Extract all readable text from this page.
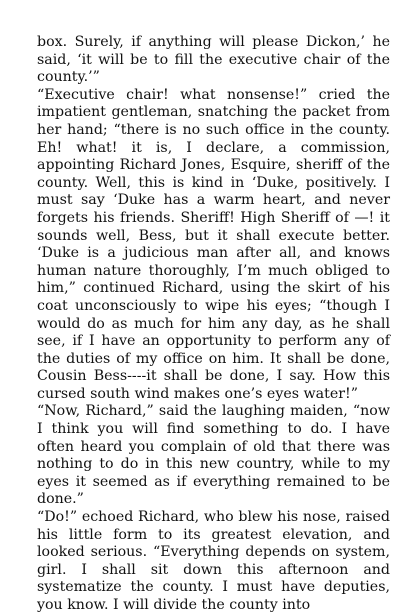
box. Surely, if anything will please Dickon,’ he said, ‘it will be to fill the executive chair of the county.’”

“Executive chair! what nonsense!” cried the impatient gentleman, snatching the packet from her hand; “there is no such office in the county. Eh! what! it is, I declare, a commission, appointing Richard Jones, Esquire, sheriff of the county. Well, this is kind in ‘Duke, positively. I must say ‘Duke has a warm heart, and never forgets his friends. Sheriff! High Sheriff of —! it sounds well, Bess, but it shall execute better. ‘Duke is a judicious man after all, and knows human nature thoroughly, I’m much obliged to him,” continued Richard, using the skirt of his coat unconsciously to wipe his eyes; “though I would do as much for him any day, as he shall see, if I have an opportunity to perform any of the duties of my office on him. It shall be done, Cousin Bess----it shall be done, I say. How this cursed south wind makes one’s eyes water!”

“Now, Richard,” said the laughing maiden, “now I think you will find something to do. I have often heard you complain of old that there was nothing to do in this new country, while to my eyes it seemed as if everything remained to be done.”

“Do!” echoed Richard, who blew his nose, raised his little form to its greatest elevation, and looked serious. “Everything depends on system, girl. I shall sit down this afternoon and systematize the county. I must have deputies, you know. I will divide the county into
